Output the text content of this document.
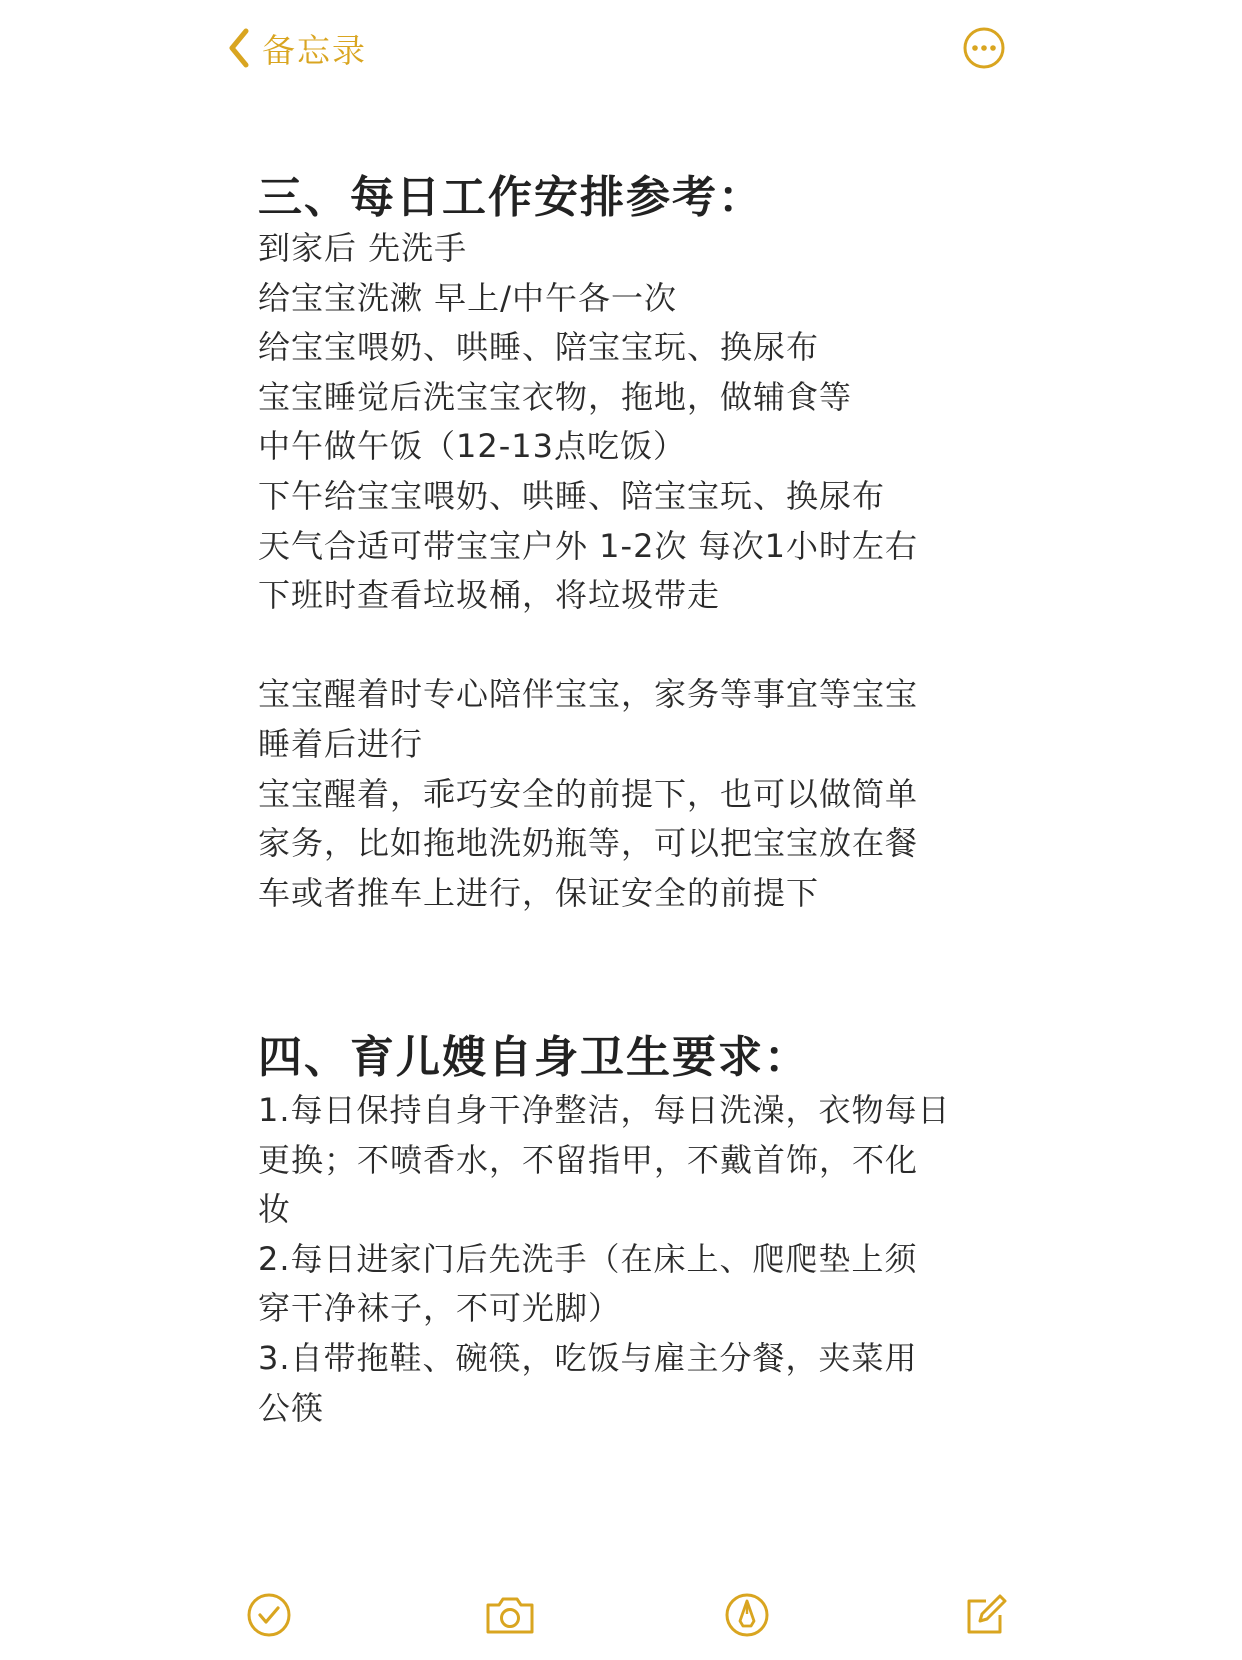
备忘录
三、每日工作安排参考：

到家后 先洗手

给宝宝洗漱 早上/中午各一次

给宝宝喂奶、哄睡、陪宝宝玩、换尿布

宝宝睡觉后洗宝宝衣物，拖地，做辅食等

中午做午饭（12-13点吃饭）

下午给宝宝喂奶、哄睡、陪宝宝玩、换尿布

天气合适可带宝宝户外 1-2次 每次1小时左右

下班时查看垃圾桶，将垃圾带走

宝宝醒着时专心陪伴宝宝，家务等事宜等宝宝

睡着后进行

宝宝醒着，乖巧安全的前提下，也可以做简单

家务，比如拖地洗奶瓶等，可以把宝宝放在餐

车或者推车上进行，保证安全的前提下

四、育儿嫂自身卫生要求：

1.每日保持自身干净整洁，每日洗澡，衣物每日

更换；不喷香水，不留指甲，不戴首饰，不化

妆

2.每日进家门后先洗手（在床上、爬爬垫上须

穿干净袜子，不可光脚）

3.自带拖鞋、碗筷，吃饭与雇主分餐，夹菜用

公筷
